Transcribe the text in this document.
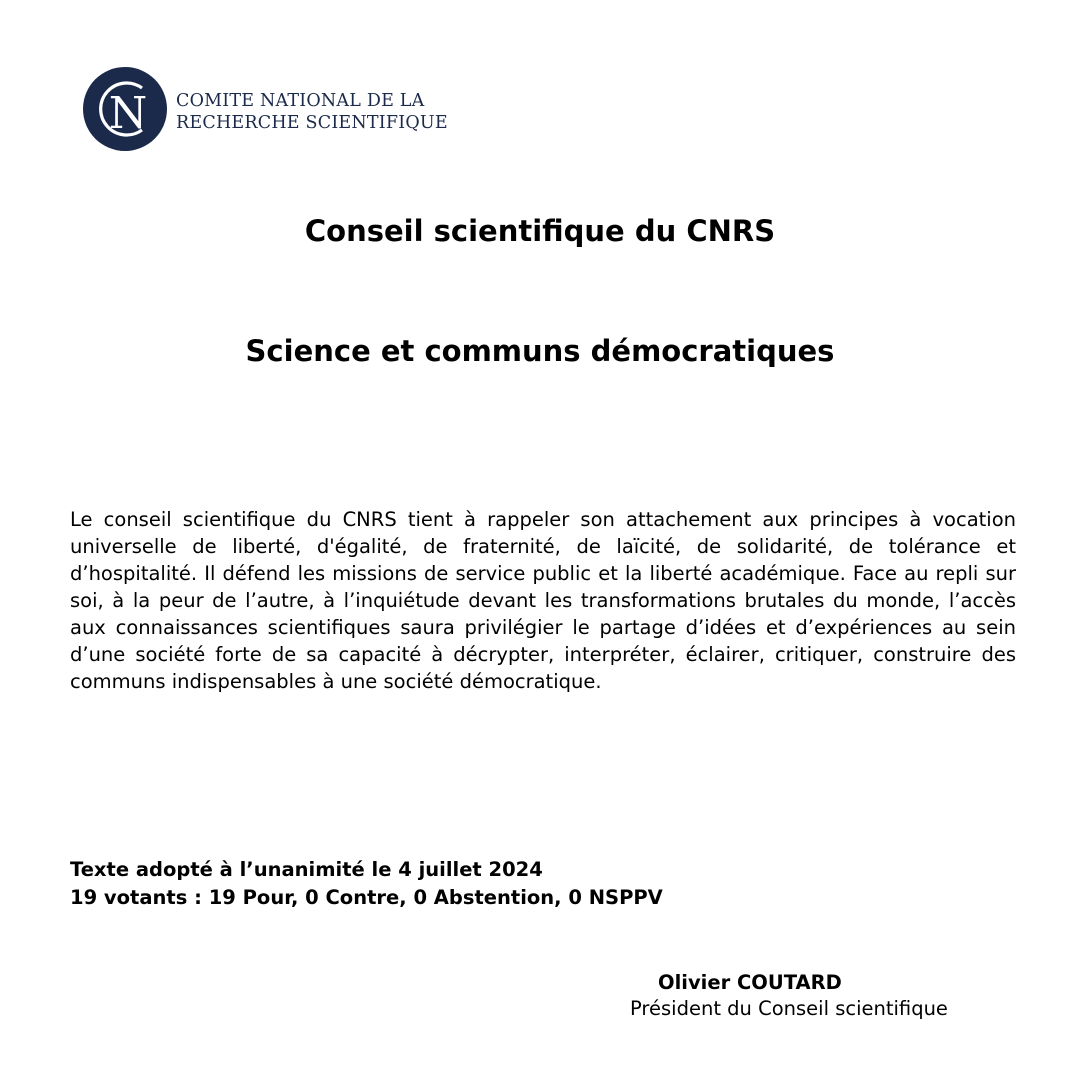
N COMITE NATIONAL DE LA
RECHERCHE SCIENTIFIQUE
Conseil scientifique du CNRS
Science et communs démocratiques

Le conseil scientifique du CNRS tient à rappeler son attachement aux principes à vocation universelle de liberté, d'égalité, de fraternité, de laïcité, de solidarité, de tolérance et d’hospitalité. Il défend les missions de service public et la liberté académique. Face au repli sur soi, à la peur de l’autre, à l’inquiétude devant les transformations brutales du monde, l’accès aux connaissances scientifiques saura privilégier le partage d’idées et d’expériences au sein d’une société forte de sa capacité à décrypter, interpréter, éclairer, critiquer, construire des communs indispensables à une société démocratique.

Texte adopté à l’unanimité le 4 juillet 2024
19 votants : 19 Pour, 0 Contre, 0 Abstention, 0 NSPPV
Olivier COUTARD
Président du Conseil scientifique
